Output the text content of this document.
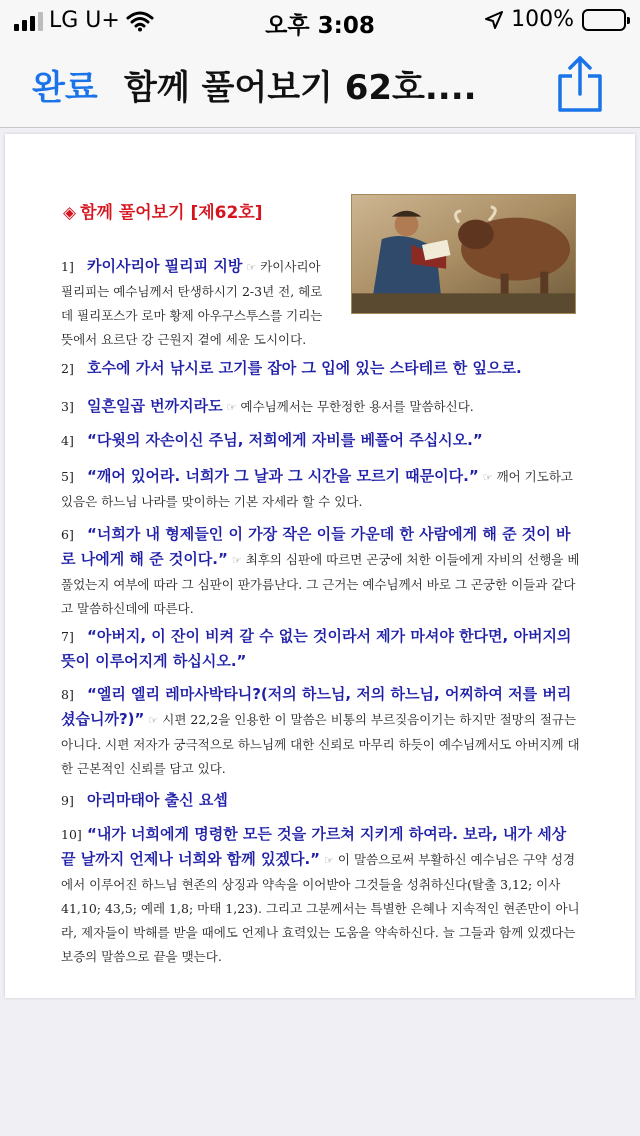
LG U+	오후 3:08	100%
완료 함께 풀어보기 62호....
◈ 함께 풀어보기 [제62호]
1] 카이사리아 필리피 지방 ☞ 카이사리아 필리피는 예수님께서 탄생하시기 2-3년 전, 헤로데 필리포스가 로마 황제 아우구스투스를 기리는 뜻에서 요르단 강 근원지 곁에 세운 도시이다.
2] 호수에 가서 낚시로 고기를 잡아 그 입에 있는 스타테르 한 잎으로.
3] 일흔일곱 번까지라도 ☞ 예수님께서는 무한정한 용서를 말씀하신다.
4] “다윗의 자손이신 주님, 저희에게 자비를 베풀어 주십시오.”
5] “깨어 있어라. 너희가 그 날과 그 시간을 모르기 때문이다.” ☞ 깨어 기도하고 있음은 하느님 나라를 맞이하는 기본 자세라 할 수 있다.
6] “너희가 내 형제들인 이 가장 작은 이들 가운데 한 사람에게 해 준 것이 바로 나에게 해 준 것이다.” ☞ 최후의 심판에 따르면 곤궁에 처한 이들에게 자비의 선행을 베풀었는지 여부에 따라 그 심판이 판가름난다. 그 근거는 예수님께서 바로 그 곤궁한 이들과 같다고 말씀하신데에 따른다.
7] “아버지, 이 잔이 비켜 갈 수 없는 것이라서 제가 마셔야 한다면, 아버지의 뜻이 이루어지게 하십시오.”
8] “엘리 엘리 레마사박타니?(저의 하느님, 저의 하느님, 어찌하여 저를 버리셨습니까?)” ☞ 시편 22,2을 인용한 이 말씀은 비통의 부르짖음이기는 하지만 절망의 절규는 아니다. 시편 저자가 궁극적으로 하느님께 대한 신뢰로 마무리 하듯이 예수님께서도 아버지께 대한 근본적인 신뢰를 담고 있다.
9] 아리마태아 출신 요셉
10] “내가 너희에게 명령한 모든 것을 가르쳐 지키게 하여라. 보라, 내가 세상 끝 날까지 언제나 너희와 함께 있겠다.” ☞ 이 말씀으로써 부활하신 예수님은 구약 성경에서 이루어진 하느님 현존의 상징과 약속을 이어받아 그것들을 성취하신다(탈출 3,12; 이사 41,10; 43,5; 예레 1,8; 마태 1,23). 그리고 그분께서는 특별한 은혜나 지속적인 현존만이 아니라, 제자들이 박해를 받을 때에도 언제나 효력있는 도움을 약속하신다. 늘 그들과 함께 있겠다는 보증의 말씀으로 끝을 맺는다.
